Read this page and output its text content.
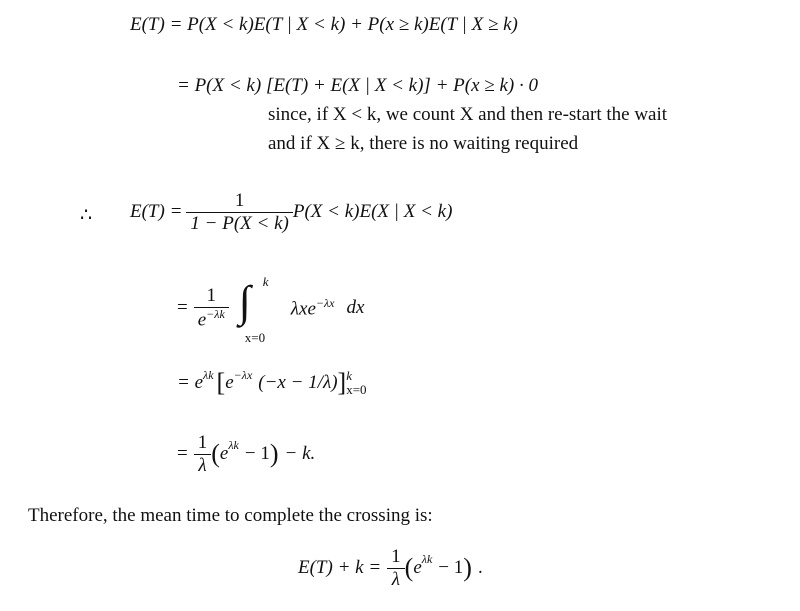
E(T) = P(X < k)E(T | X < k) + P(x ≥ k)E(T | X ≥ k)
= P(X < k) [E(T) + E(X | X < k)] + P(x ≥ k) · 0
since, if X < k, we count X and then re-start the wait
and if X ≥ k, there is no waiting required
∴ $E(T) = \frac{1}{1 - P(X < k)} P(X < k)E(X$ | X < k)
= $\frac{1}{e^{-\lambda k}}$ ∫ k
x=0
λxe$^{-\lambda x}$ dx
= $e^{\lambda k}$ [ $e^{-\lambda x}$ (−x − 1/λ) ] k
x=0
= $\frac{1}{\lambda}$ ( $e^{\lambda k} - 1$ ) − k.
Therefore, the mean time to complete the crossing is:
$E(T) + k = \frac{1}{\lambda}$ ( $e^{\lambda k} - 1$ ) .
